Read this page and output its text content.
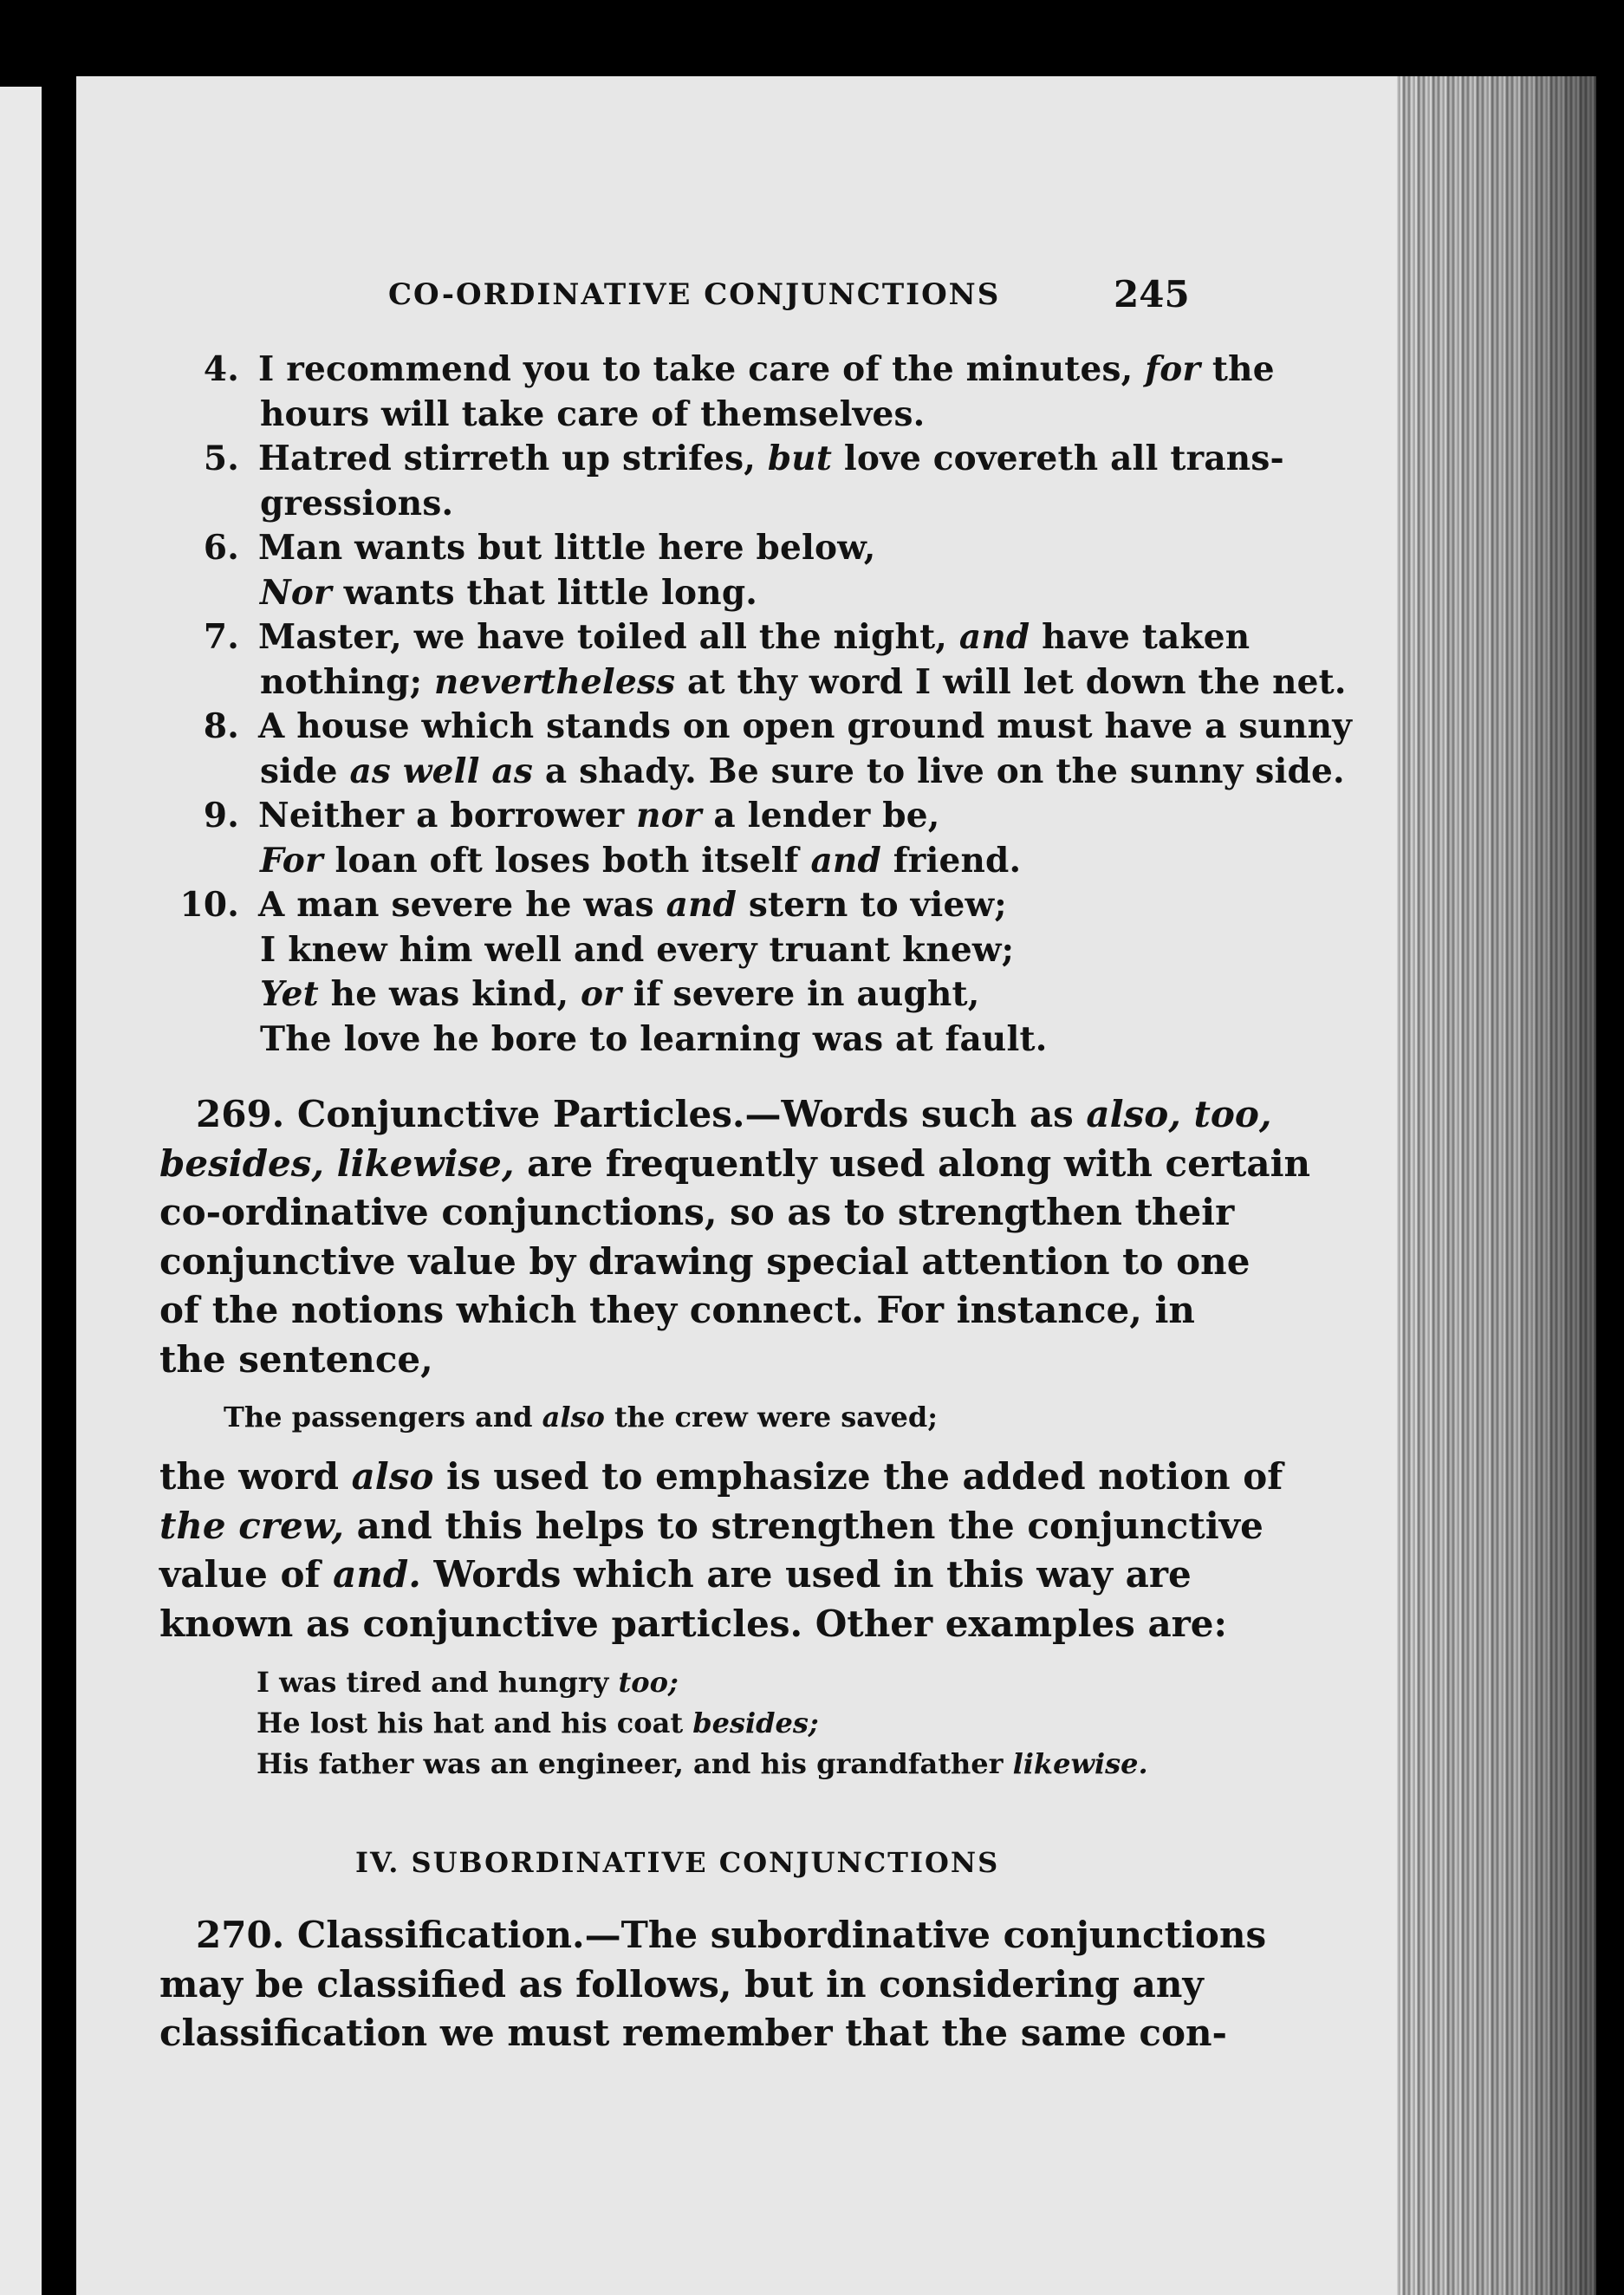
CO-ORDINATIVE CONJUNCTIONS	245
4. I recommend you to take care of the minutes, for the
hours will take care of themselves.
5. Hatred stirreth up strifes, but love covereth all trans-
gressions.
6. Man wants but little here below,
Nor wants that little long.
7. Master, we have toiled all the night, and have taken
nothing; nevertheless at thy word I will let down the net.
8. A house which stands on open ground must have a sunny
side as well as a shady. Be sure to live on the sunny side.
9. Neither a borrower nor a lender be,
For loan oft loses both itself and friend.
10. A man severe he was and stern to view;
I knew him well and every truant knew;
Yet he was kind, or if severe in aught,
The love he bore to learning was at fault.
269. Conjunctive Particles.—Words such as also, too,
besides, likewise, are frequently used along with certain
co-ordinative conjunctions, so as to strengthen their
conjunctive value by drawing special attention to one
of the notions which they connect. For instance, in
the sentence,
The passengers and also the crew were saved;
the word also is used to emphasize the added notion of
the crew, and this helps to strengthen the conjunctive
value of and. Words which are used in this way are
known as conjunctive particles. Other examples are:
I was tired and hungry too;
He lost his hat and his coat besides;
His father was an engineer, and his grandfather likewise.
IV. SUBORDINATIVE CONJUNCTIONS
270. Classification.—The subordinative conjunctions
may be classified as follows, but in considering any
classification we must remember that the same con-
